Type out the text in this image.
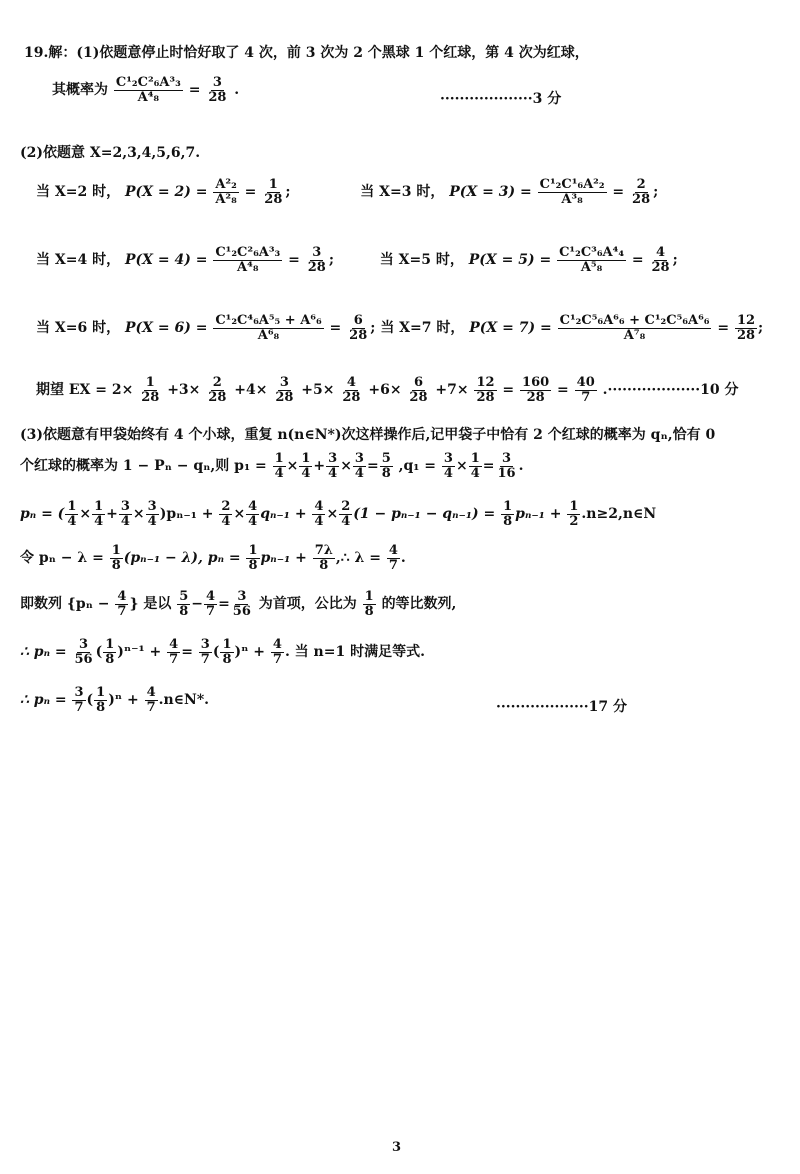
19.解：(1)依题意停止时恰好取了 4 次，前 3 次为 2 个黑球 1 个红球，第 4 次为红球，
其概率为 $\frac{\text{C¹₂C²₆A³₃}}{\text{A⁴₈}} = \frac{3}{28}$ .
···················3 分
(2)依题意 X=2,3,4,5,6,7.
当 X=2 时， $P(X = 2) = \frac{\text{A²₂}}{\text{A²₈}} = \frac{1}{28}$ ;	当 X=3 时， $P(X = 3) = \frac{\text{C¹₂C¹₆A²₂}}{\text{A³₈}} = \frac{2}{28}$ ;
当 X=4 时， $P(X = 4) = \frac{\text{C¹₂C²₆A³₃}}{\text{A⁴₈}} = \frac{3}{28}$ ;	当 X=5 时， $P(X = 5) = \frac{\text{C¹₂C³₆A⁴₄}}{\text{A⁵₈}} = \frac{4}{28}$ ;
当 X=6 时， $P(X = 6) = \frac{\text{C¹₂C⁴₆A⁵₅ + A⁶₆}}{\text{A⁶₈}} = \frac{6}{28}$ ; 当 X=7 时， $P(X = 7) = \frac{\text{C¹₂C⁵₆A⁶₆ + C¹₂C⁵₆A⁶₆}}{\text{A⁷₈}} = \frac{12}{28}$ ;
期望 EX = $2\times \frac{1}{28} +3\times \frac{2}{28} +4\times \frac{3}{28} +5\times \frac{4}{28} +6\times \frac{6}{28} +7\times \frac{12}{28} = \frac{160}{28} = \frac{40}{7} .\cdot\cdot\cdot\cdot\cdot\cdot\cdot\cdot\cdot\cdot\cdot\cdot\cdot\cdot\cdot\cdot\cdot\cdot\cdot 10$ 分
(3)依题意有甲袋始终有 4 个小球，重复 n(n∈N*)次这样操作后,记甲袋子中恰有 2 个红球的概率为 qₙ,恰有 0
个红球的概率为 1 − Pₙ − qₙ,则 $p_1 = \frac{1}{4} \times \frac{1}{4} + \frac{3}{4} \times \frac{3}{4} = \frac{5}{8} ,q_1 = \frac{3}{4} \times \frac{1}{4} = \frac{3}{16}$ .
pₙ = ( $\frac{1}{4} \times \frac{1}{4} + \frac{3}{4} \times \frac{3}{4} )p_{n-1} + \frac{2}{4} \times \frac{4}{4} q_{n-1} + \frac{4}{4} \times \frac{2}{4} (1 - p_{n-1} - q_{n-1}) = \frac{1}{8} p_{n-1} + \frac{1}{2}$ .n≥2,n∈N
令 $p_n - \lambda = \frac{1}{8} (p_{n-1} - \lambda)$, $p_n = \frac{1}{8} p_{n-1} + \frac{7\lambda}{8}$ ,∴ $\lambda = \frac{4}{7}$ .
即数列 {$p_n - \frac{4}{7}$ } 是以 $\frac{5}{8} - \frac{4}{7} = \frac{3}{56}$ 为首项，公比为 $\frac{1}{8}$ 的等比数列,
∴ $p_n = \frac{3}{56}$ ( $\frac{1}{8} )^{n-1} + \frac{4}{7} = \frac{3}{7}$ ( $\frac{1}{8} )^n + \frac{4}{7}$ . 当 n=1 时满足等式.
∴ $p_n = \frac{3}{7}$ ( $\frac{1}{8} )^n + \frac{4}{7}$ .n∈N*.	···················17 分
3
